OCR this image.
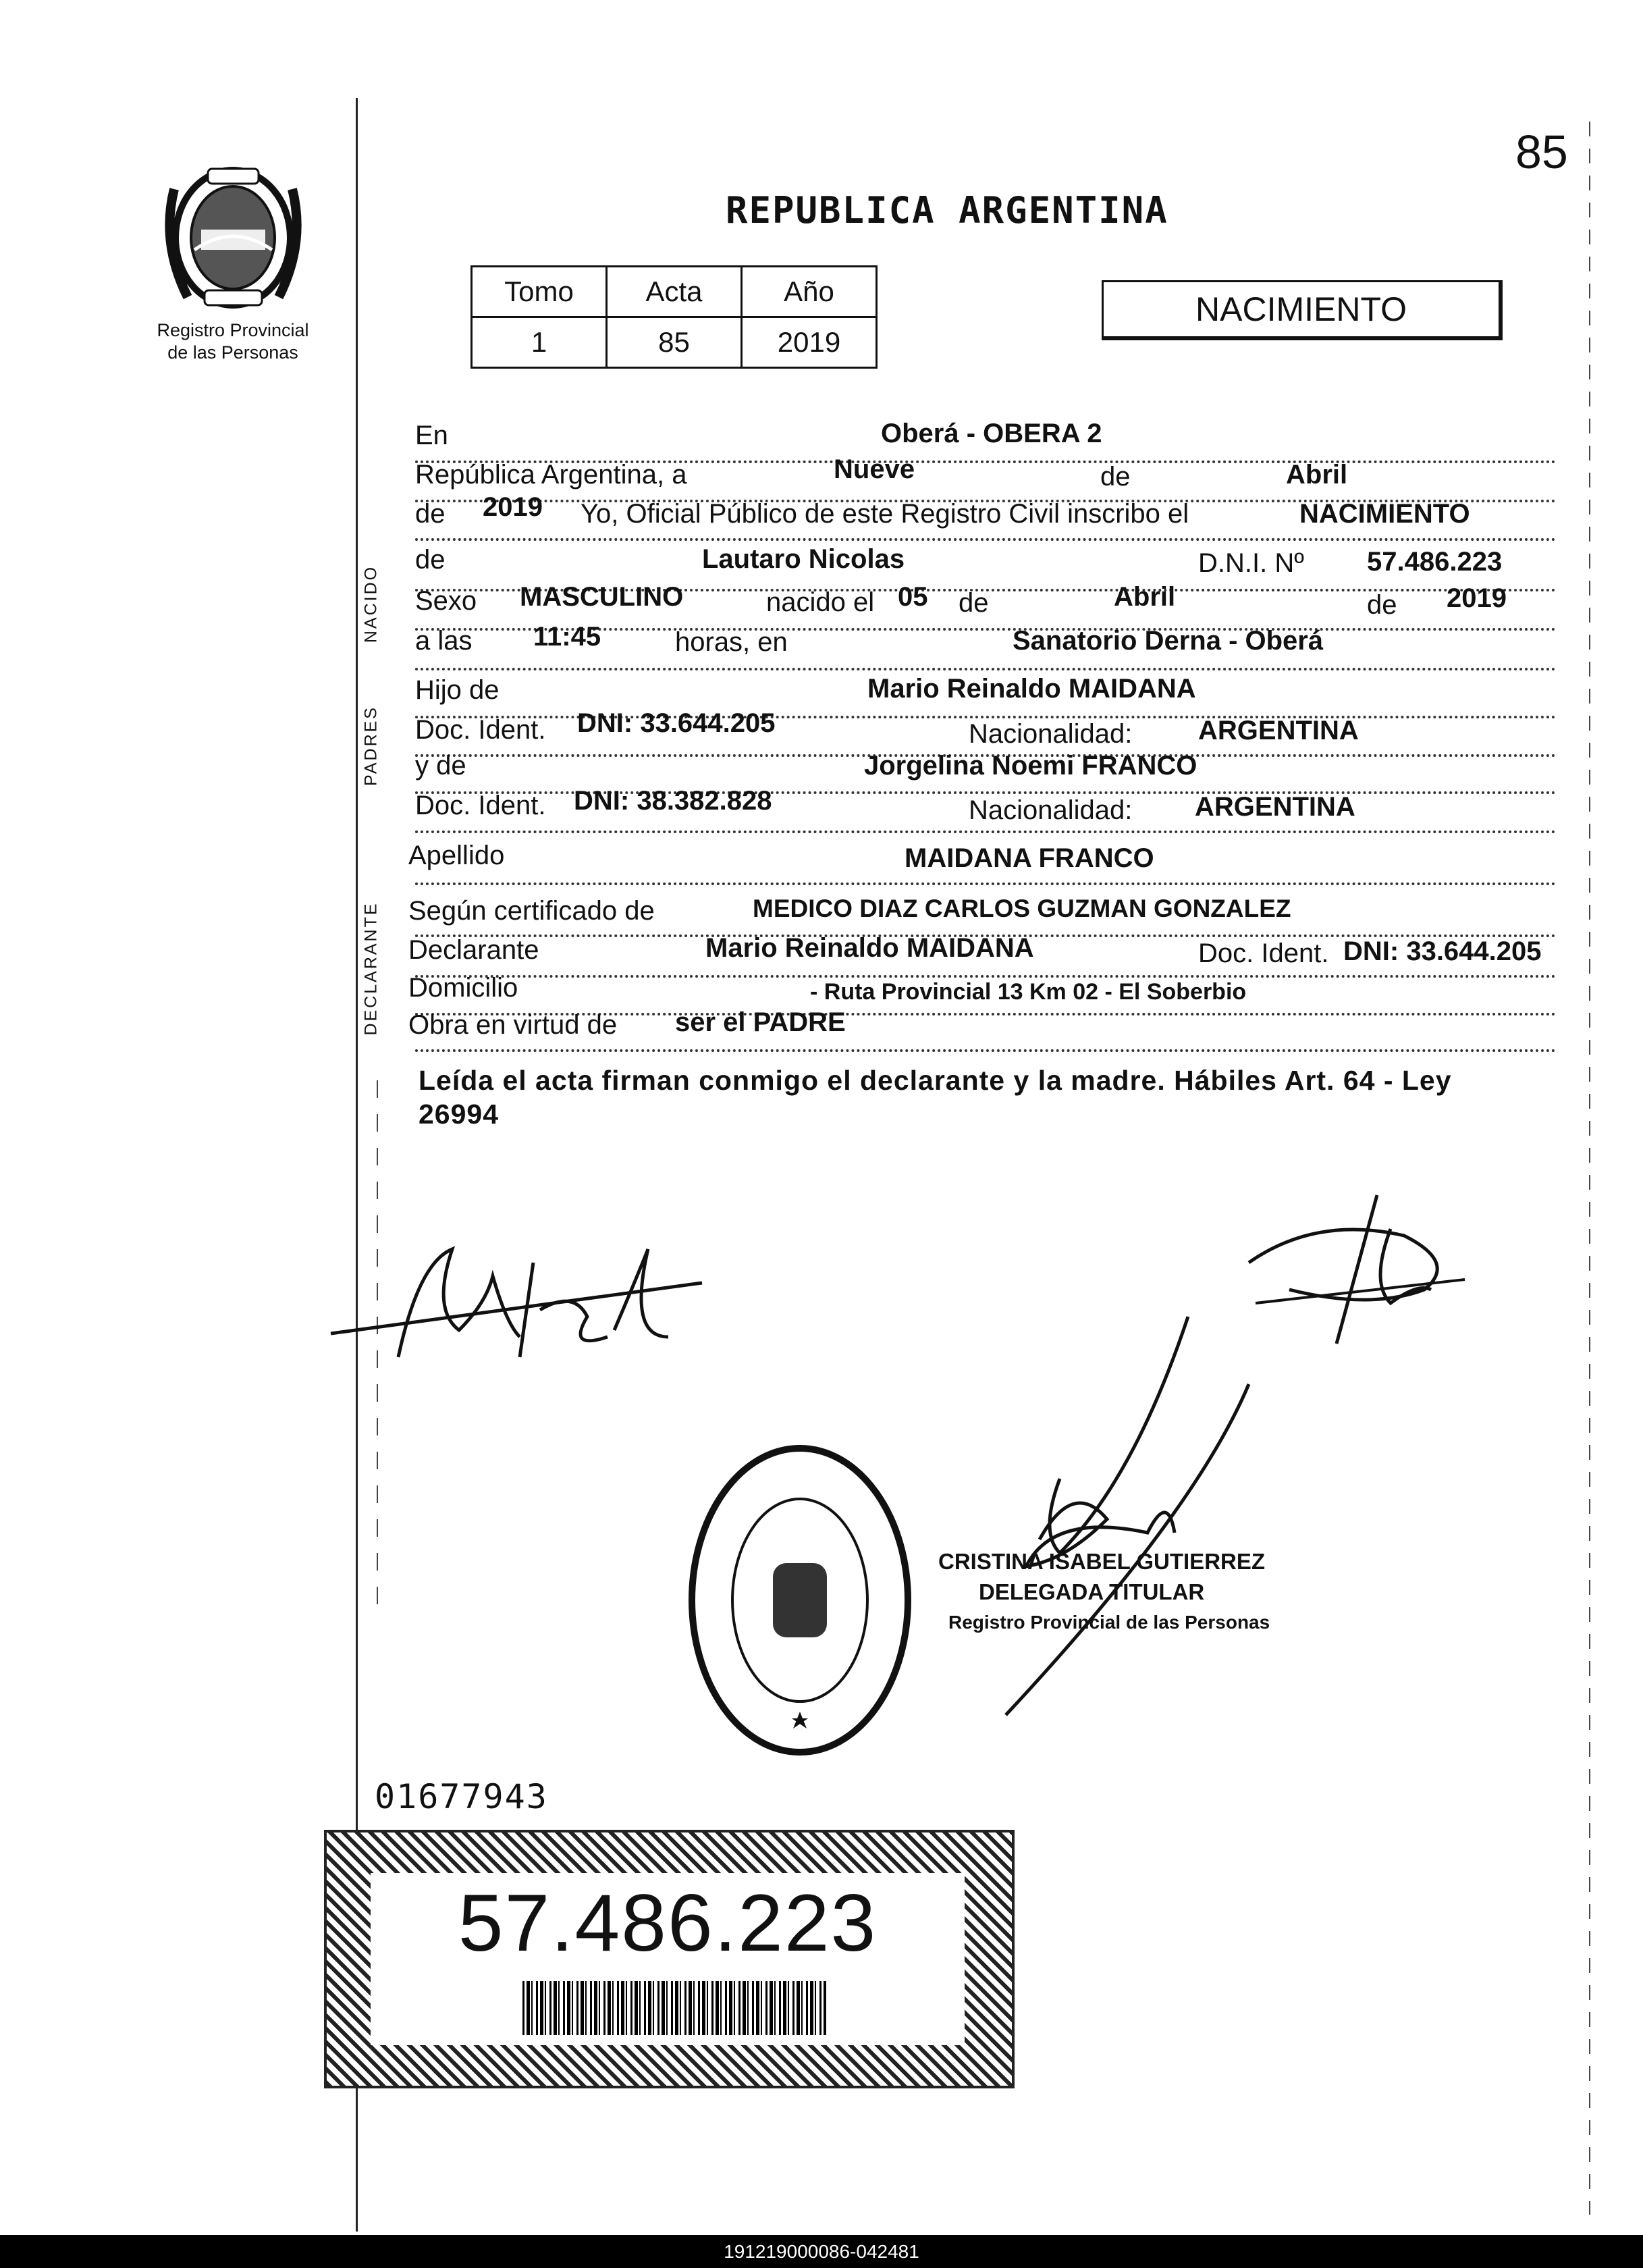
85
Registro Provincial
de las Personas
REPUBLICA ARGENTINA
Tomo	Acta	Año
1	85	2019
NACIMIENTO
NACIDO
PADRES
DECLARANTE
En	Oberá - OBERA 2
República Argentina, a	Nueve	de	Abril
de 2019 Yo, Oficial Público de este Registro Civil inscribo el	NACIMIENTO
de	Lautaro Nicolas	D.N.I. Nº 57.486.223
Sexo MASCULINO	nacido el 05 de	Abril	de 2019
a las 11:45	horas, en	Sanatorio Derna - Oberá
Hijo de	Mario Reinaldo MAIDANA
Doc. Ident. DNI: 33.644.205	Nacionalidad: ARGENTINA
y de	Jorgelina Noemi FRANCO
Doc. Ident. DNI: 38.382.828	Nacionalidad: ARGENTINA
Apellido	MAIDANA FRANCO
Según certificado de	MEDICO DIAZ CARLOS GUZMAN GONZALEZ
Declarante	Mario Reinaldo MAIDANA	Doc. Ident. DNI: 33.644.205
Domicilio	- Ruta Provincial 13 Km 02 - El Soberbio
Obra en virtud de ser el PADRE
Leída el acta firman conmigo el declarante y la madre. Hábiles Art. 64 - Ley 26994
CRISTINA ISABEL GUTIERREZ
DELEGADA TITULAR
Registro Provincial de las Personas
01677943
57.486.223
191219000086-042481
